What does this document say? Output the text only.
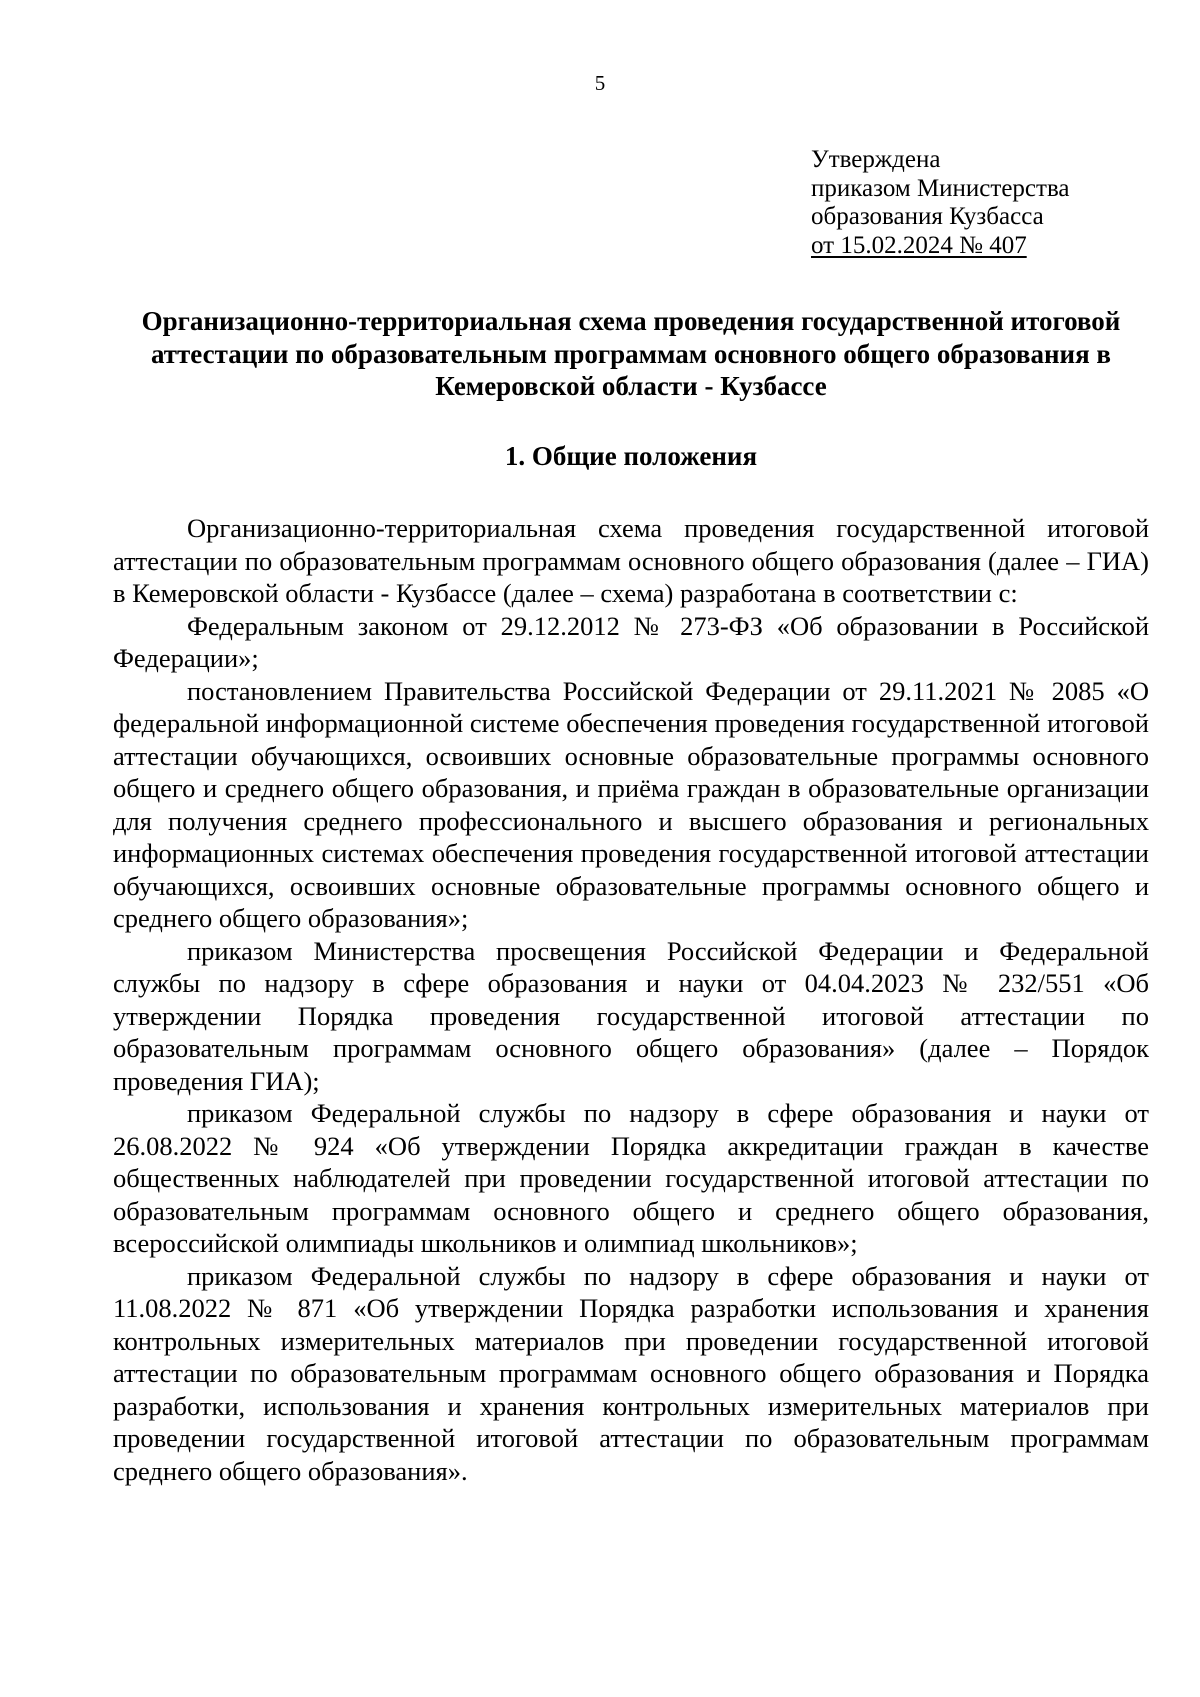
5
Утверждена
приказом Министерства
образования Кузбасса
от 15.02.2024 № 407
Организационно-территориальная схема проведения государственной итоговой аттестации по образовательным программам основного общего образования в Кемеровской области - Кузбассе
1. Общие положения

Организационно-территориальная схема проведения государственной итоговой аттестации по образовательным программам основного общего образования (далее – ГИА) в Кемеровской области - Кузбассе (далее – схема) разработана в соответствии с:

Федеральным законом от 29.12.2012 № 273-ФЗ «Об образовании в Российской Федерации»;

постановлением Правительства Российской Федерации от 29.11.2021 № 2085 «О федеральной информационной системе обеспечения проведения государственной итоговой аттестации обучающихся, освоивших основные образовательные программы основного общего и среднего общего образования, и приёма граждан в образовательные организации для получения среднего профессионального и высшего образования и региональных информационных системах обеспечения проведения государственной итоговой аттестации обучающихся, освоивших основные образовательные программы основного общего и среднего общего образования»;

приказом Министерства просвещения Российской Федерации и Федеральной службы по надзору в сфере образования и науки от 04.04.2023 № 232/551 «Об утверждении Порядка проведения государственной итоговой аттестации по образовательным программам основного общего образования» (далее – Порядок проведения ГИА);

приказом Федеральной службы по надзору в сфере образования и науки от 26.08.2022 № 924 «Об утверждении Порядка аккредитации граждан в качестве общественных наблюдателей при проведении государственной итоговой аттестации по образовательным программам основного общего и среднего общего образования, всероссийской олимпиады школьников и олимпиад школьников»;

приказом Федеральной службы по надзору в сфере образования и науки от 11.08.2022 № 871 «Об утверждении Порядка разработки использования и хранения контрольных измерительных материалов при проведении государственной итоговой аттестации по образовательным программам основного общего образования и Порядка разработки, использования и хранения контрольных измерительных материалов при проведении государственной итоговой аттестации по образовательным программам среднего общего образования».
